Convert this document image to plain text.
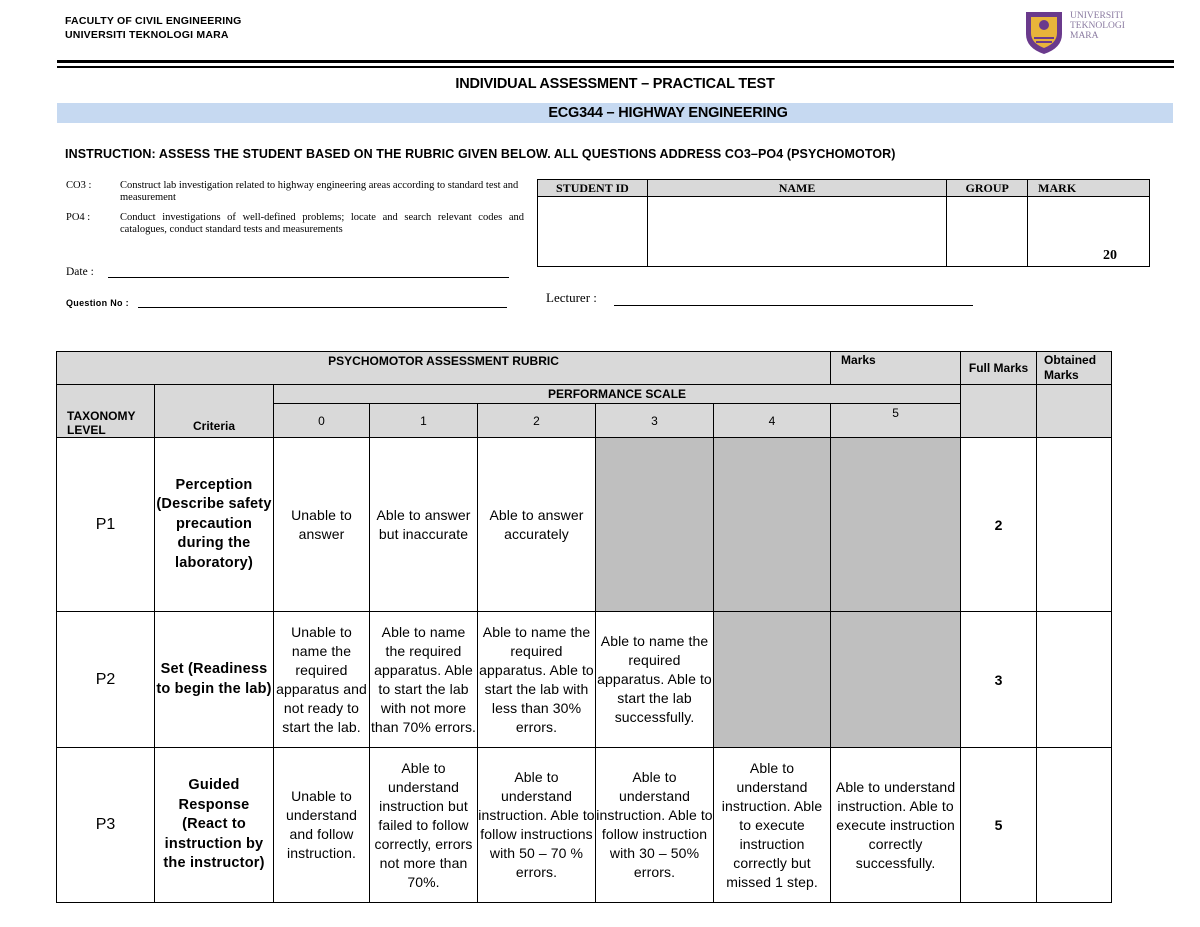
FACULTY OF CIVIL ENGINEERING
UNIVERSITI TEKNOLOGI MARA
UNIVERSITI
TEKNOLOGI
MARA
INDIVIDUAL ASSESSMENT – PRACTICAL TEST
ECG344 – HIGHWAY ENGINEERING
INSTRUCTION: ASSESS THE STUDENT BASED ON THE RUBRIC GIVEN BELOW. ALL QUESTIONS ADDRESS CO3–PO4 (PSYCHOMOTOR)
CO3 :	Construct lab investigation related to highway engineering areas according to standard test and measurement
PO4 :	Conduct investigations of well-defined problems; locate and search relevant codes and catalogues, conduct standard tests and measurements
Date :
Question No :	Lecturer :
STUDENT ID	NAME	GROUP	MARK
			20
PSYCHOMOTOR ASSESSMENT RUBRIC							Marks	Full Marks	Obtained Marks
TAXONOMY LEVEL	Criteria	PERFORMANCE SCALE							
		0	1	2	3	4	5		
P1	Perception (Describe safety precaution during the laboratory)	Unable to answer	Able to answer but inaccurate	Able to answer accurately				2	
P2	Set (Readiness to begin the lab)	Unable to name the required apparatus and not ready to start the lab.	Able to name the required apparatus. Able to start the lab with not more than 70% errors.	Able to name the required apparatus. Able to start the lab with less than 30% errors.	Able to name the required apparatus. Able to start the lab successfully.			3	
P3	Guided Response (React to instruction by the instructor)	Unable to understand and follow instruction.	Able to understand instruction but failed to follow correctly, errors not more than 70%.	Able to understand instruction. Able to follow instructions with 50 – 70 % errors.	Able to understand instruction. Able to follow instruction with 30 – 50% errors.	Able to understand instruction. Able to execute instruction correctly but missed 1 step.	Able to understand instruction. Able to execute instruction correctly successfully.	5	
